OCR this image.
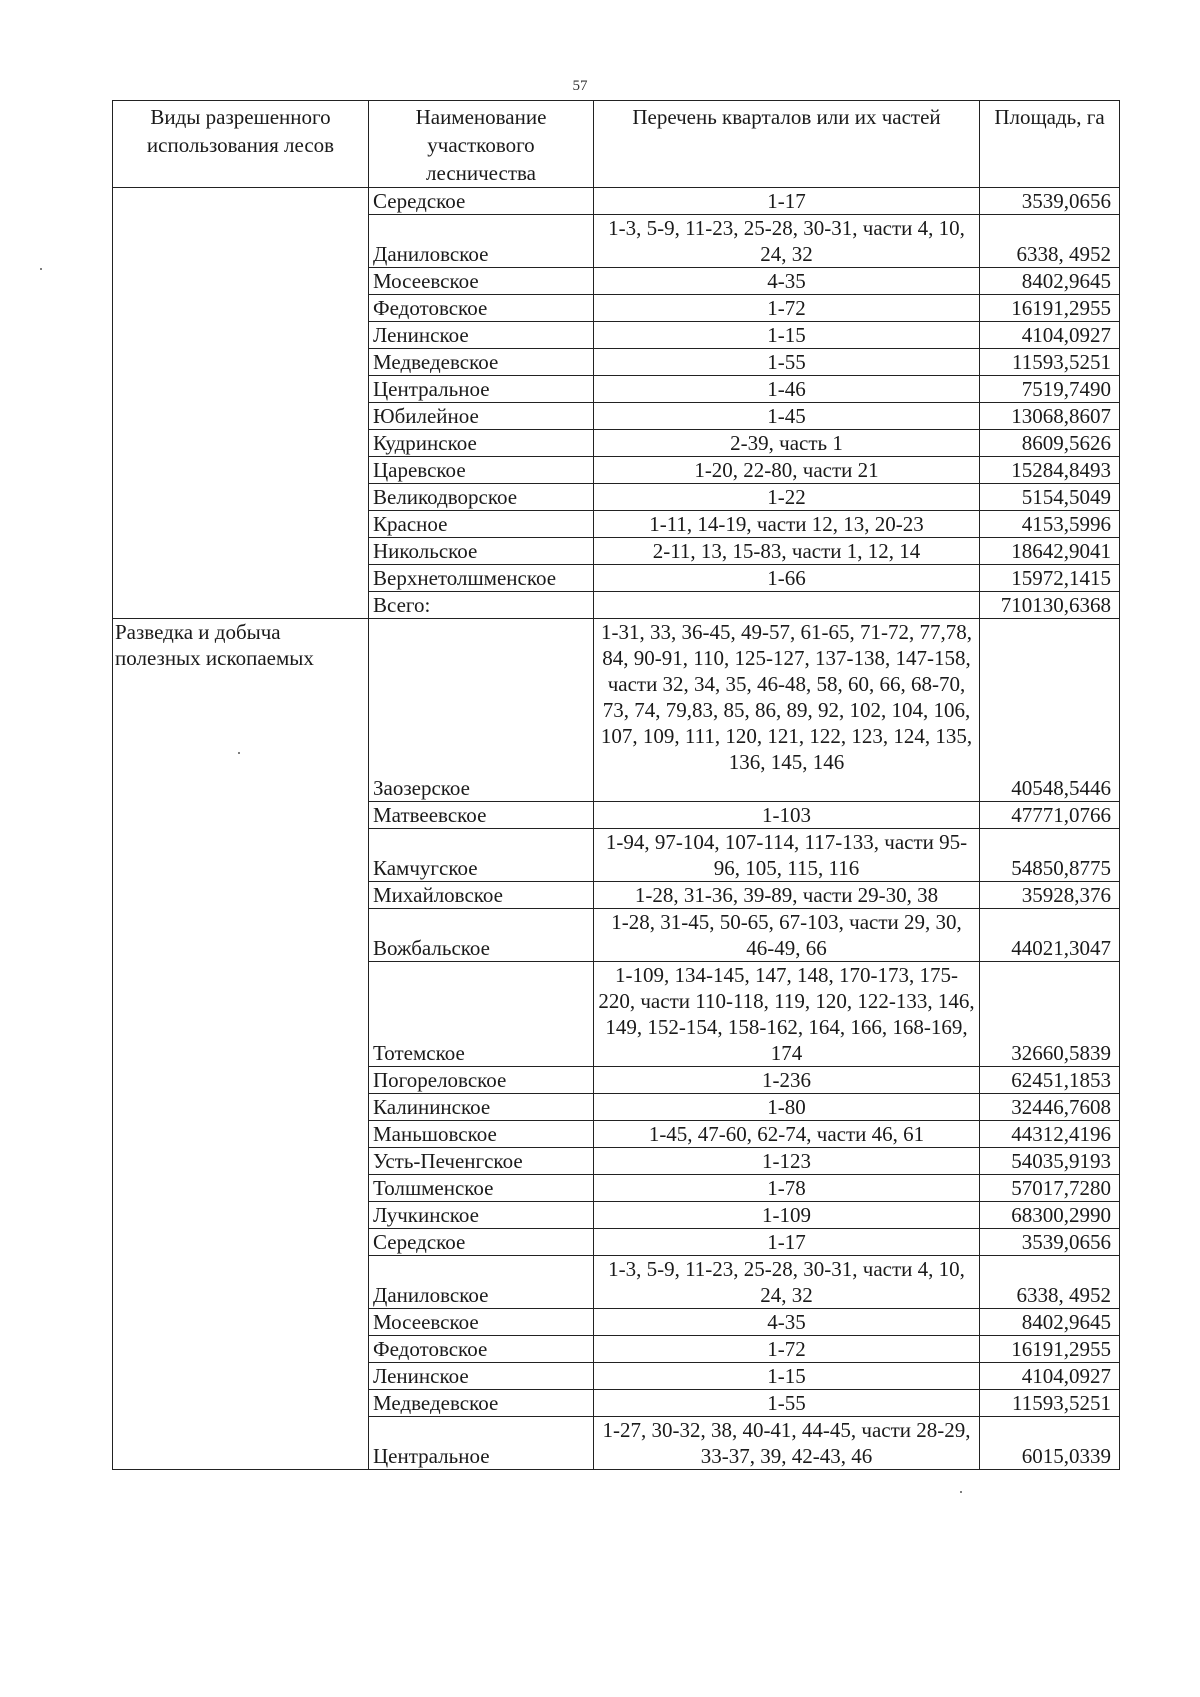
57
Виды разрешенного использования лесов	Наименование участкового лесничества	Перечень кварталов или их частей	Площадь, га
	Середское	1-17	3539,0656
	Даниловское	1-3, 5-9, 11-23, 25-28, 30-31, части 4, 10, 24, 32	6338, 4952
	Мосеевское	4-35	8402,9645
	Федотовское	1-72	16191,2955
	Ленинское	1-15	4104,0927
	Медведевское	1-55	11593,5251
	Центральное	1-46	7519,7490
	Юбилейное	1-45	13068,8607
	Кудринское	2-39, часть 1	8609,5626
	Царевское	1-20, 22-80, части 21	15284,8493
	Великодворское	1-22	5154,5049
	Красное	1-11, 14-19, части 12, 13, 20-23	4153,5996
	Никольское	2-11, 13, 15-83, части 1, 12, 14	18642,9041
	Верхнетолшменское	1-66	15972,1415
	Всего:		710130,6368
Разведка и добыча полезных ископаемых	Заозерское	1-31, 33, 36-45, 49-57, 61-65, 71-72, 77,78, 84, 90-91, 110, 125-127, 137-138, 147-158, части 32, 34, 35, 46-48, 58, 60, 66, 68-70, 73, 74, 79,83, 85, 86, 89, 92, 102, 104, 106, 107, 109, 111, 120, 121, 122, 123, 124, 135, 136, 145, 146	40548,5446
	Матвеевское	1-103	47771,0766
	Камчугское	1-94, 97-104, 107-114, 117-133, части 95-96, 105, 115, 116	54850,8775
	Михайловское	1-28, 31-36, 39-89, части 29-30, 38	35928,376
	Вожбальское	1-28, 31-45, 50-65, 67-103, части 29, 30, 46-49, 66	44021,3047
	Тотемское	1-109, 134-145, 147, 148, 170-173, 175-220, части 110-118, 119, 120, 122-133, 146, 149, 152-154, 158-162, 164, 166, 168-169, 174	32660,5839
	Погореловское	1-236	62451,1853
	Калининское	1-80	32446,7608
	Маньшовское	1-45, 47-60, 62-74, части 46, 61	44312,4196
	Усть-Печенгское	1-123	54035,9193
	Толшменское	1-78	57017,7280
	Лучкинское	1-109	68300,2990
	Середское	1-17	3539,0656
	Даниловское	1-3, 5-9, 11-23, 25-28, 30-31, части 4, 10, 24, 32	6338, 4952
	Мосеевское	4-35	8402,9645
	Федотовское	1-72	16191,2955
	Ленинское	1-15	4104,0927
	Медведевское	1-55	11593,5251
	Центральное	1-27, 30-32, 38, 40-41, 44-45, части 28-29, 33-37, 39, 42-43, 46	6015,0339
